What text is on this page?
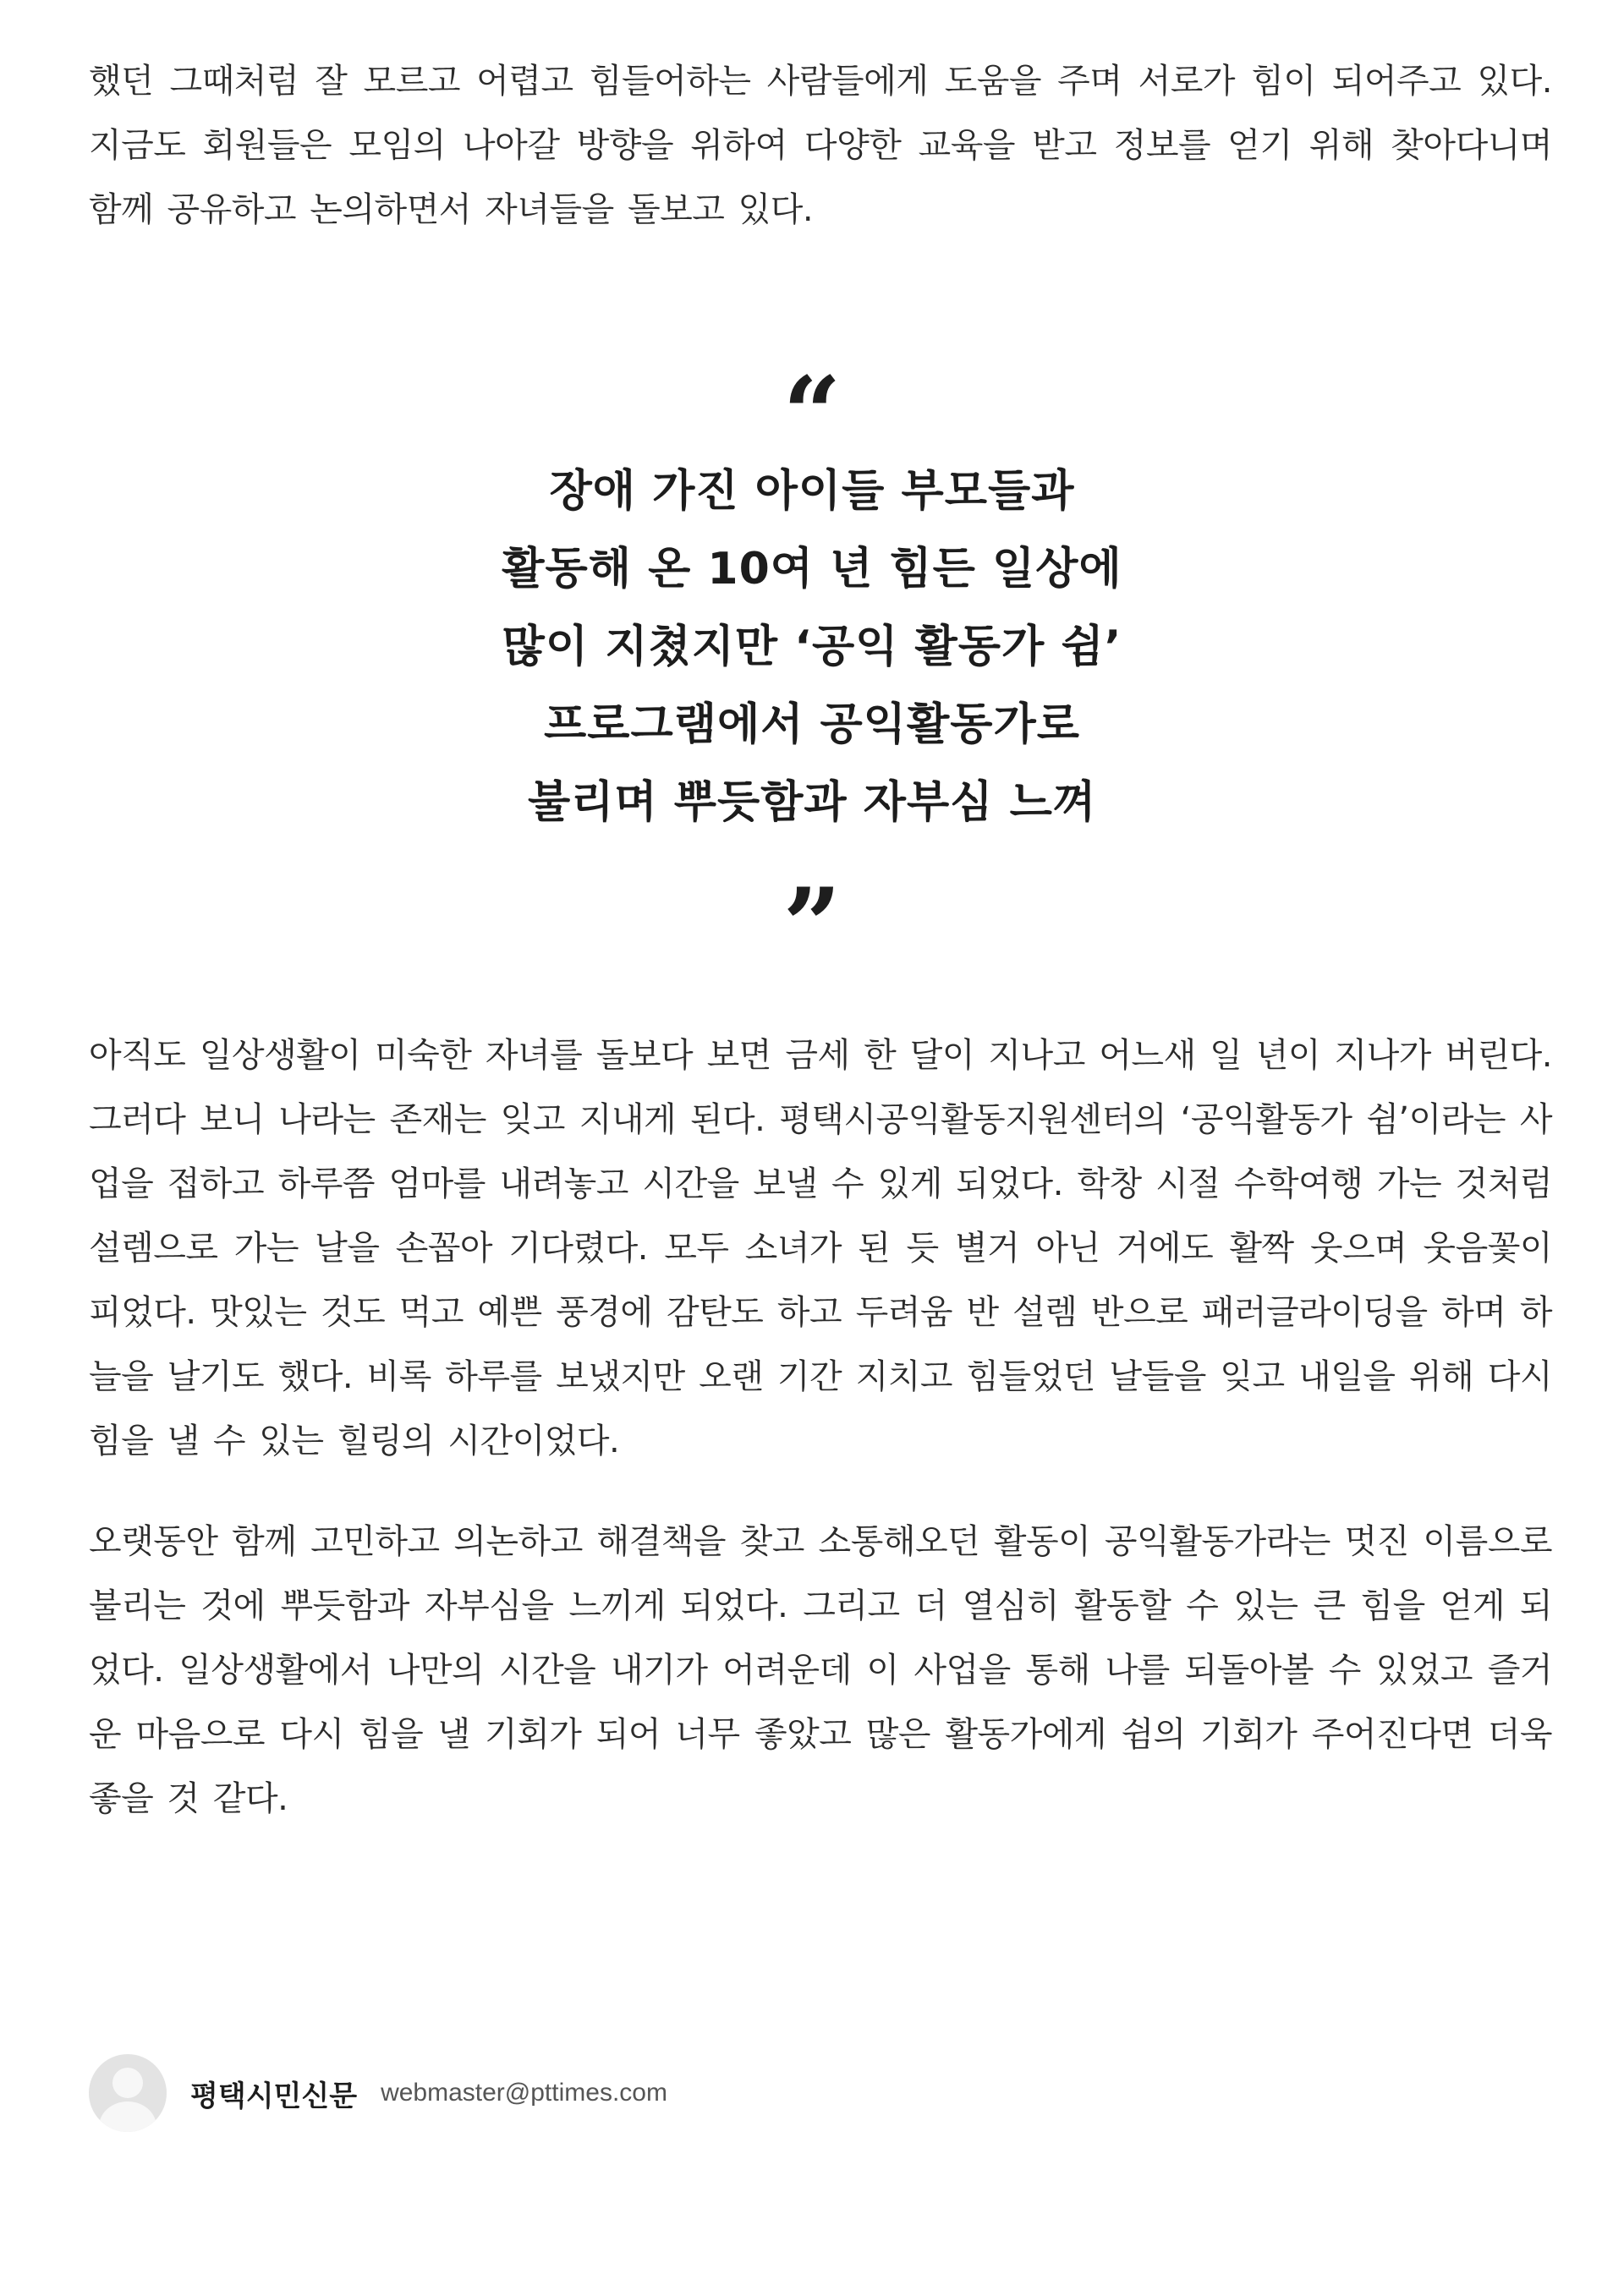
했던 그때처럼 잘 모르고 어렵고 힘들어하는 사람들에게 도움을 주며 서로가 힘이 되어주고 있다. 지금도 회원들은 모임의 나아갈 방향을 위하여 다양한 교육을 받고 정보를 얻기 위해 찾아다니며 함께 공유하고 논의하면서 자녀들을 돌보고 있다.

“
장애 가진 아이들 부모들과
활동해 온 10여 년 힘든 일상에
많이 지쳤지만 ‘공익 활동가 쉼’
프로그램에서 공익활동가로
불리며 뿌듯함과 자부심 느껴
”

아직도 일상생활이 미숙한 자녀를 돌보다 보면 금세 한 달이 지나고 어느새 일 년이 지나가 버린다. 그러다 보니 나라는 존재는 잊고 지내게 된다. 평택시공익활동지원센터의 ‘공익활동가 쉼’이라는 사업을 접하고 하루쯤 엄마를 내려놓고 시간을 보낼 수 있게 되었다. 학창 시절 수학여행 가는 것처럼 설렘으로 가는 날을 손꼽아 기다렸다. 모두 소녀가 된 듯 별거 아닌 거에도 활짝 웃으며 웃음꽃이 피었다. 맛있는 것도 먹고 예쁜 풍경에 감탄도 하고 두려움 반 설렘 반으로 패러글라이딩을 하며 하늘을 날기도 했다. 비록 하루를 보냈지만 오랜 기간 지치고 힘들었던 날들을 잊고 내일을 위해 다시 힘을 낼 수 있는 힐링의 시간이었다.

오랫동안 함께 고민하고 의논하고 해결책을 찾고 소통해오던 활동이 공익활동가라는 멋진 이름으로 불리는 것에 뿌듯함과 자부심을 느끼게 되었다. 그리고 더 열심히 활동할 수 있는 큰 힘을 얻게 되었다. 일상생활에서 나만의 시간을 내기가 어려운데 이 사업을 통해 나를 되돌아볼 수 있었고 즐거운 마음으로 다시 힘을 낼 기회가 되어 너무 좋았고 많은 활동가에게 쉼의 기회가 주어진다면 더욱 좋을 것 같다.

평택시민신문 webmaster@pttimes.com
